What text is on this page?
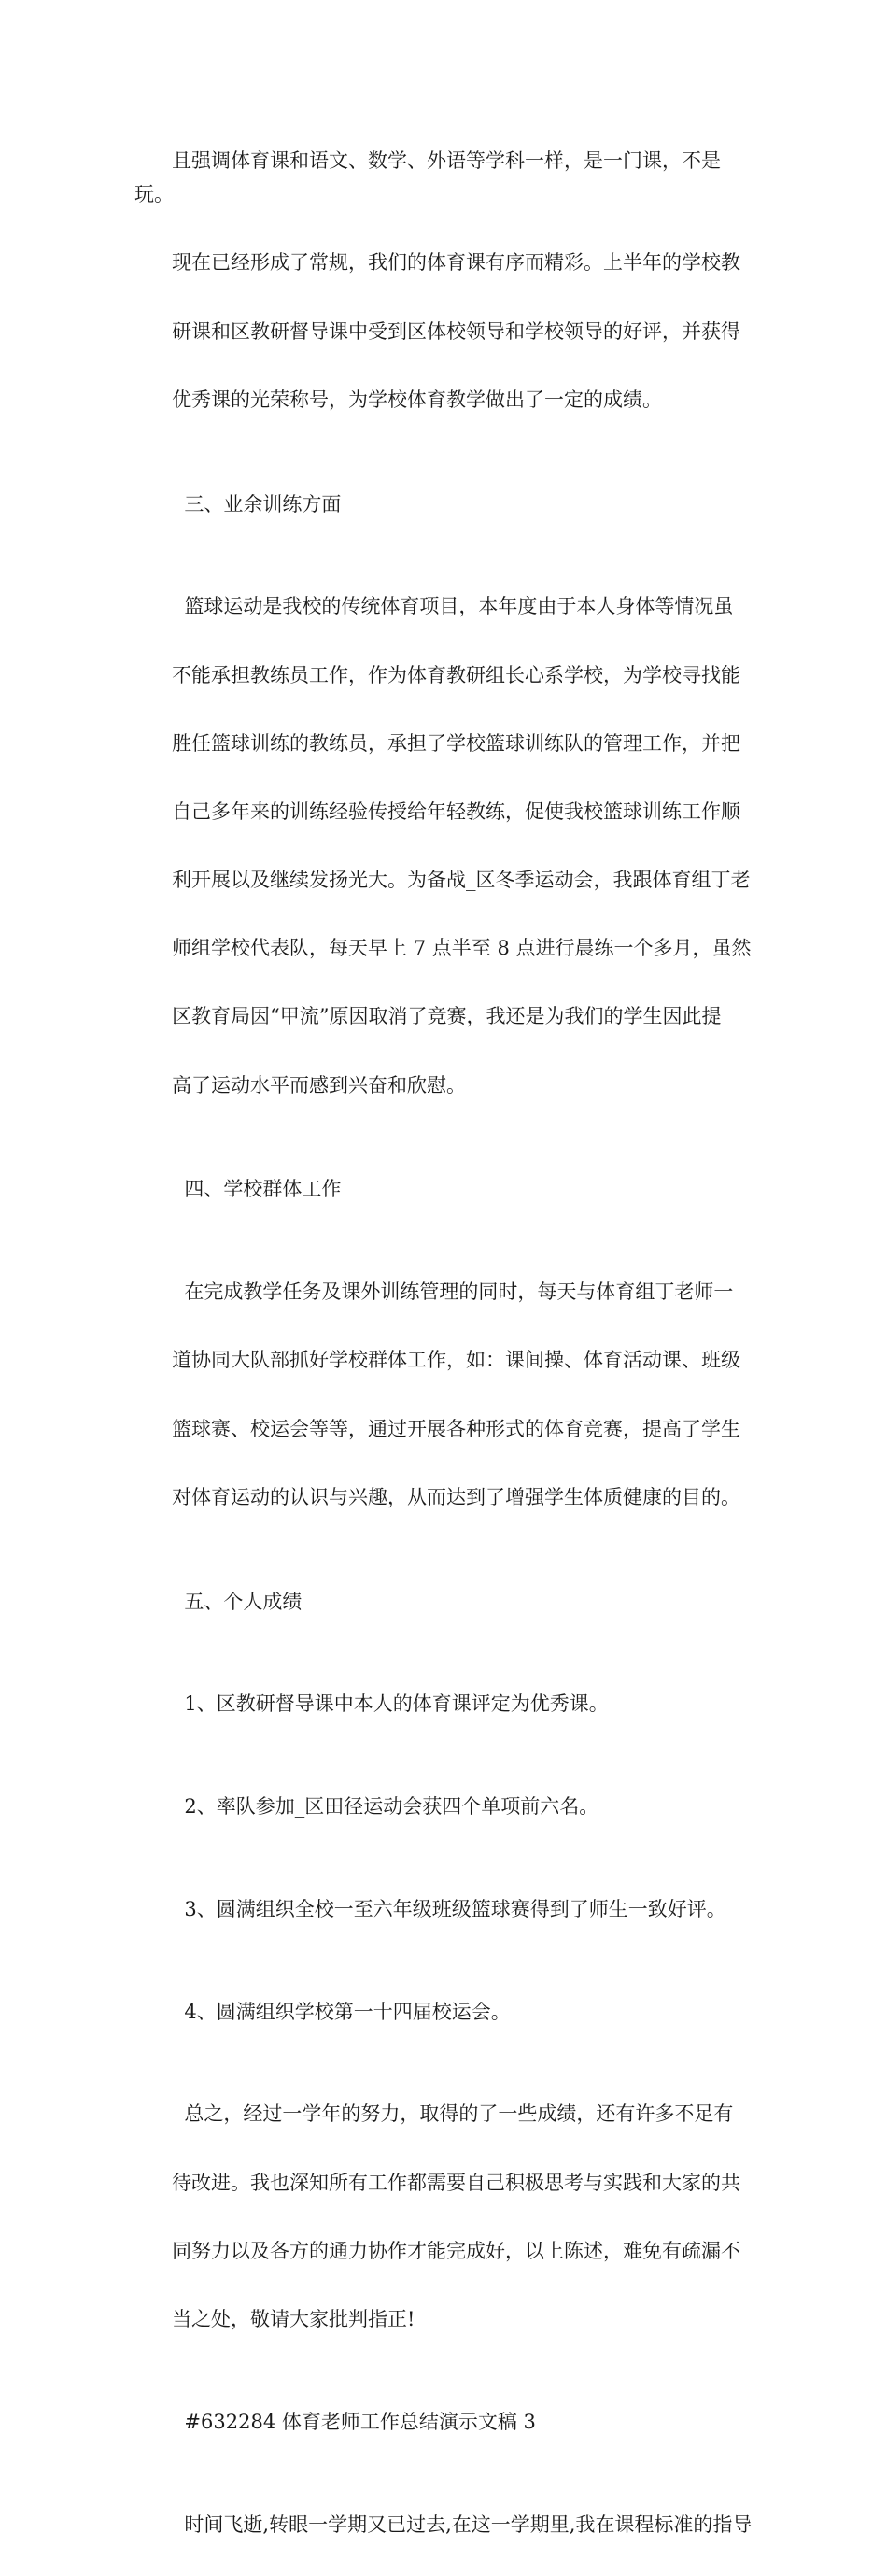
且强调体育课和语文、数学、外语等学科一样，是一门课，不是玩。

现在已经形成了常规，我们的体育课有序而精彩。上半年的学校教

研课和区教研督导课中受到区体校领导和学校领导的好评，并获得

优秀课的光荣称号，为学校体育教学做出了一定的成绩。

三、业余训练方面

篮球运动是我校的传统体育项目，本年度由于本人身体等情况虽

不能承担教练员工作，作为体育教研组长心系学校，为学校寻找能

胜任篮球训练的教练员，承担了学校篮球训练队的管理工作，并把

自己多年来的训练经验传授给年轻教练，促使我校篮球训练工作顺

利开展以及继续发扬光大。为备战_区冬季运动会，我跟体育组丁老

师组学校代表队，每天早上 7 点半至 8 点进行晨练一个多月，虽然

区教育局因“甲流”原因取消了竞赛，我还是为我们的学生因此提

高了运动水平而感到兴奋和欣慰。

四、学校群体工作

在完成教学任务及课外训练管理的同时，每天与体育组丁老师一

道协同大队部抓好学校群体工作，如：课间操、体育活动课、班级

篮球赛、校运会等等，通过开展各种形式的体育竞赛，提高了学生

对体育运动的认识与兴趣，从而达到了增强学生体质健康的目的。

五、个人成绩

1、区教研督导课中本人的体育课评定为优秀课。

2、率队参加_区田径运动会获四个单项前六名。

3、圆满组织全校一至六年级班级篮球赛得到了师生一致好评。

4、圆满组织学校第一十四届校运会。

总之，经过一学年的努力，取得的了一些成绩，还有许多不足有

待改进。我也深知所有工作都需要自己积极思考与实践和大家的共

同努力以及各方的通力协作才能完成好，以上陈述，难免有疏漏不

当之处，敬请大家批判指正!

#632284 体育老师工作总结演示文稿 3

时间飞逝,转眼一学期又已过去,在这一学期里,我在课程标准的指导
